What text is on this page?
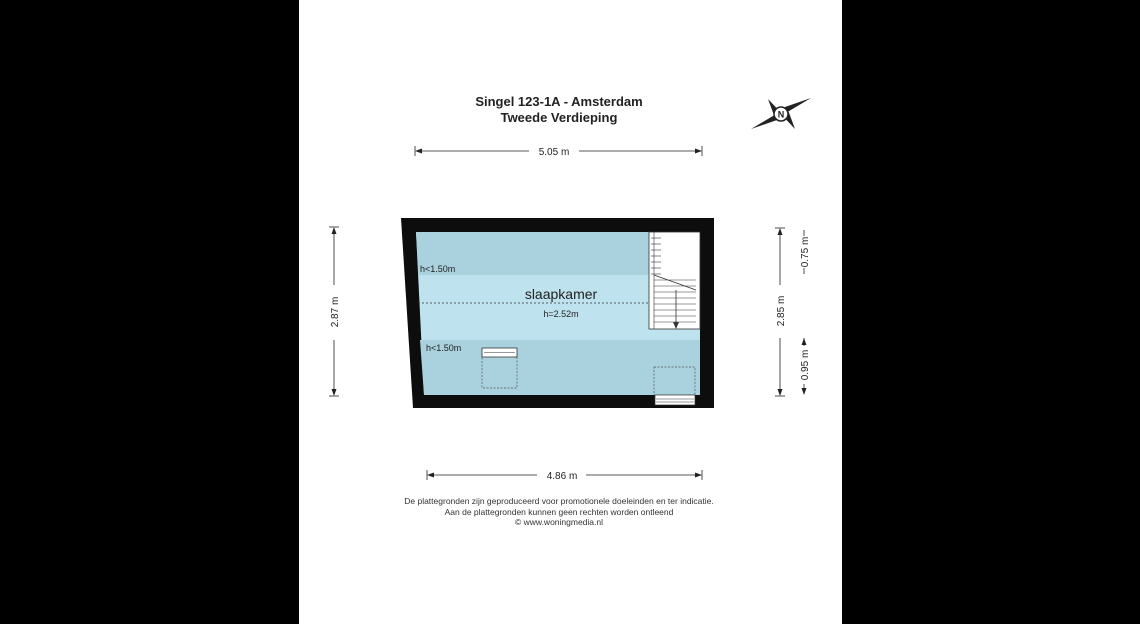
Singel 123-1A - Amsterdam
Tweede Verdieping	N
5.05 m
4.86 m
2.87 m	2.85 m
0.75 m
0.95 m
h<1.50m
h<1.50m
slaapkamer
h=2.52m
De plattegronden zijn geproduceerd voor promotionele doeleinden en ter indicatie.
Aan de plattegronden kunnen geen rechten worden ontleend
© www.woningmedia.nl
